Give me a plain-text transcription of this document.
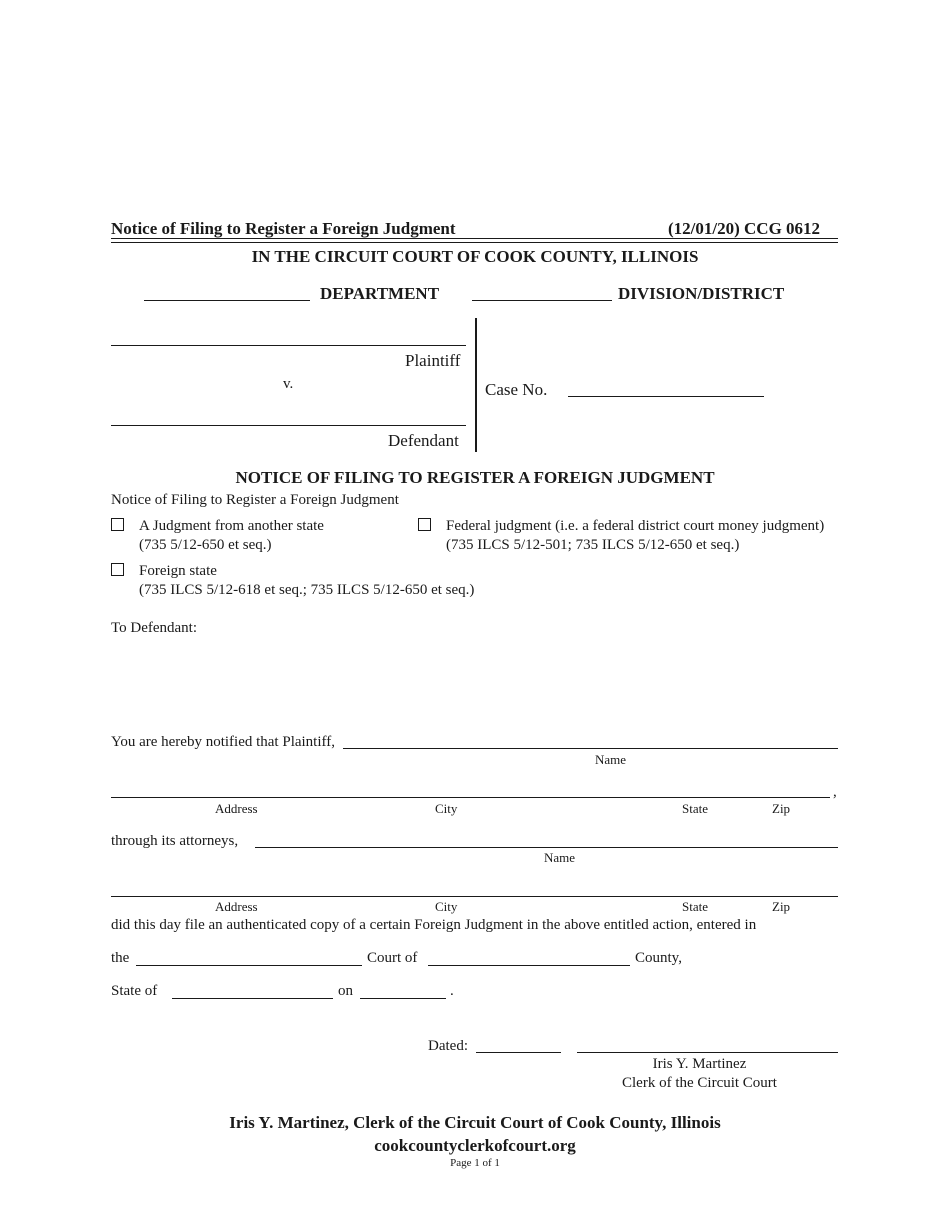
Notice of Filing to Register a Foreign Judgment	(12/01/20) CCG 0612
IN THE CIRCUIT COURT OF COOK COUNTY, ILLINOIS
DEPARTMENT	DIVISION/DISTRICT
Plaintiff
v.
Defendant
Case No.
NOTICE OF FILING TO REGISTER A FOREIGN JUDGMENT
Notice of Filing to Register a Foreign Judgment
A Judgment from another state
(735 5/12-650 et seq.)
Federal judgment (i.e. a federal district court money judgment)
(735 ILCS 5/12-501; 735 ILCS 5/12-650 et seq.)
Foreign state
(735 ILCS 5/12-618 et seq.; 735 ILCS 5/12-650 et seq.)
To Defendant:
You are hereby notified that Plaintiff,
Name
,
Address	City	State	Zip
through its attorneys,
Name
Address	City	State	Zip
did this day file an authenticated copy of a certain Foreign Judgment in the above entitled action, entered in
the	Court of	County,
State of	on	.
Dated:
Iris Y. Martinez
Clerk of the Circuit Court
Iris Y. Martinez, Clerk of the Circuit Court of Cook County, Illinois
cookcountyclerkofcourt.org
Page 1 of 1
